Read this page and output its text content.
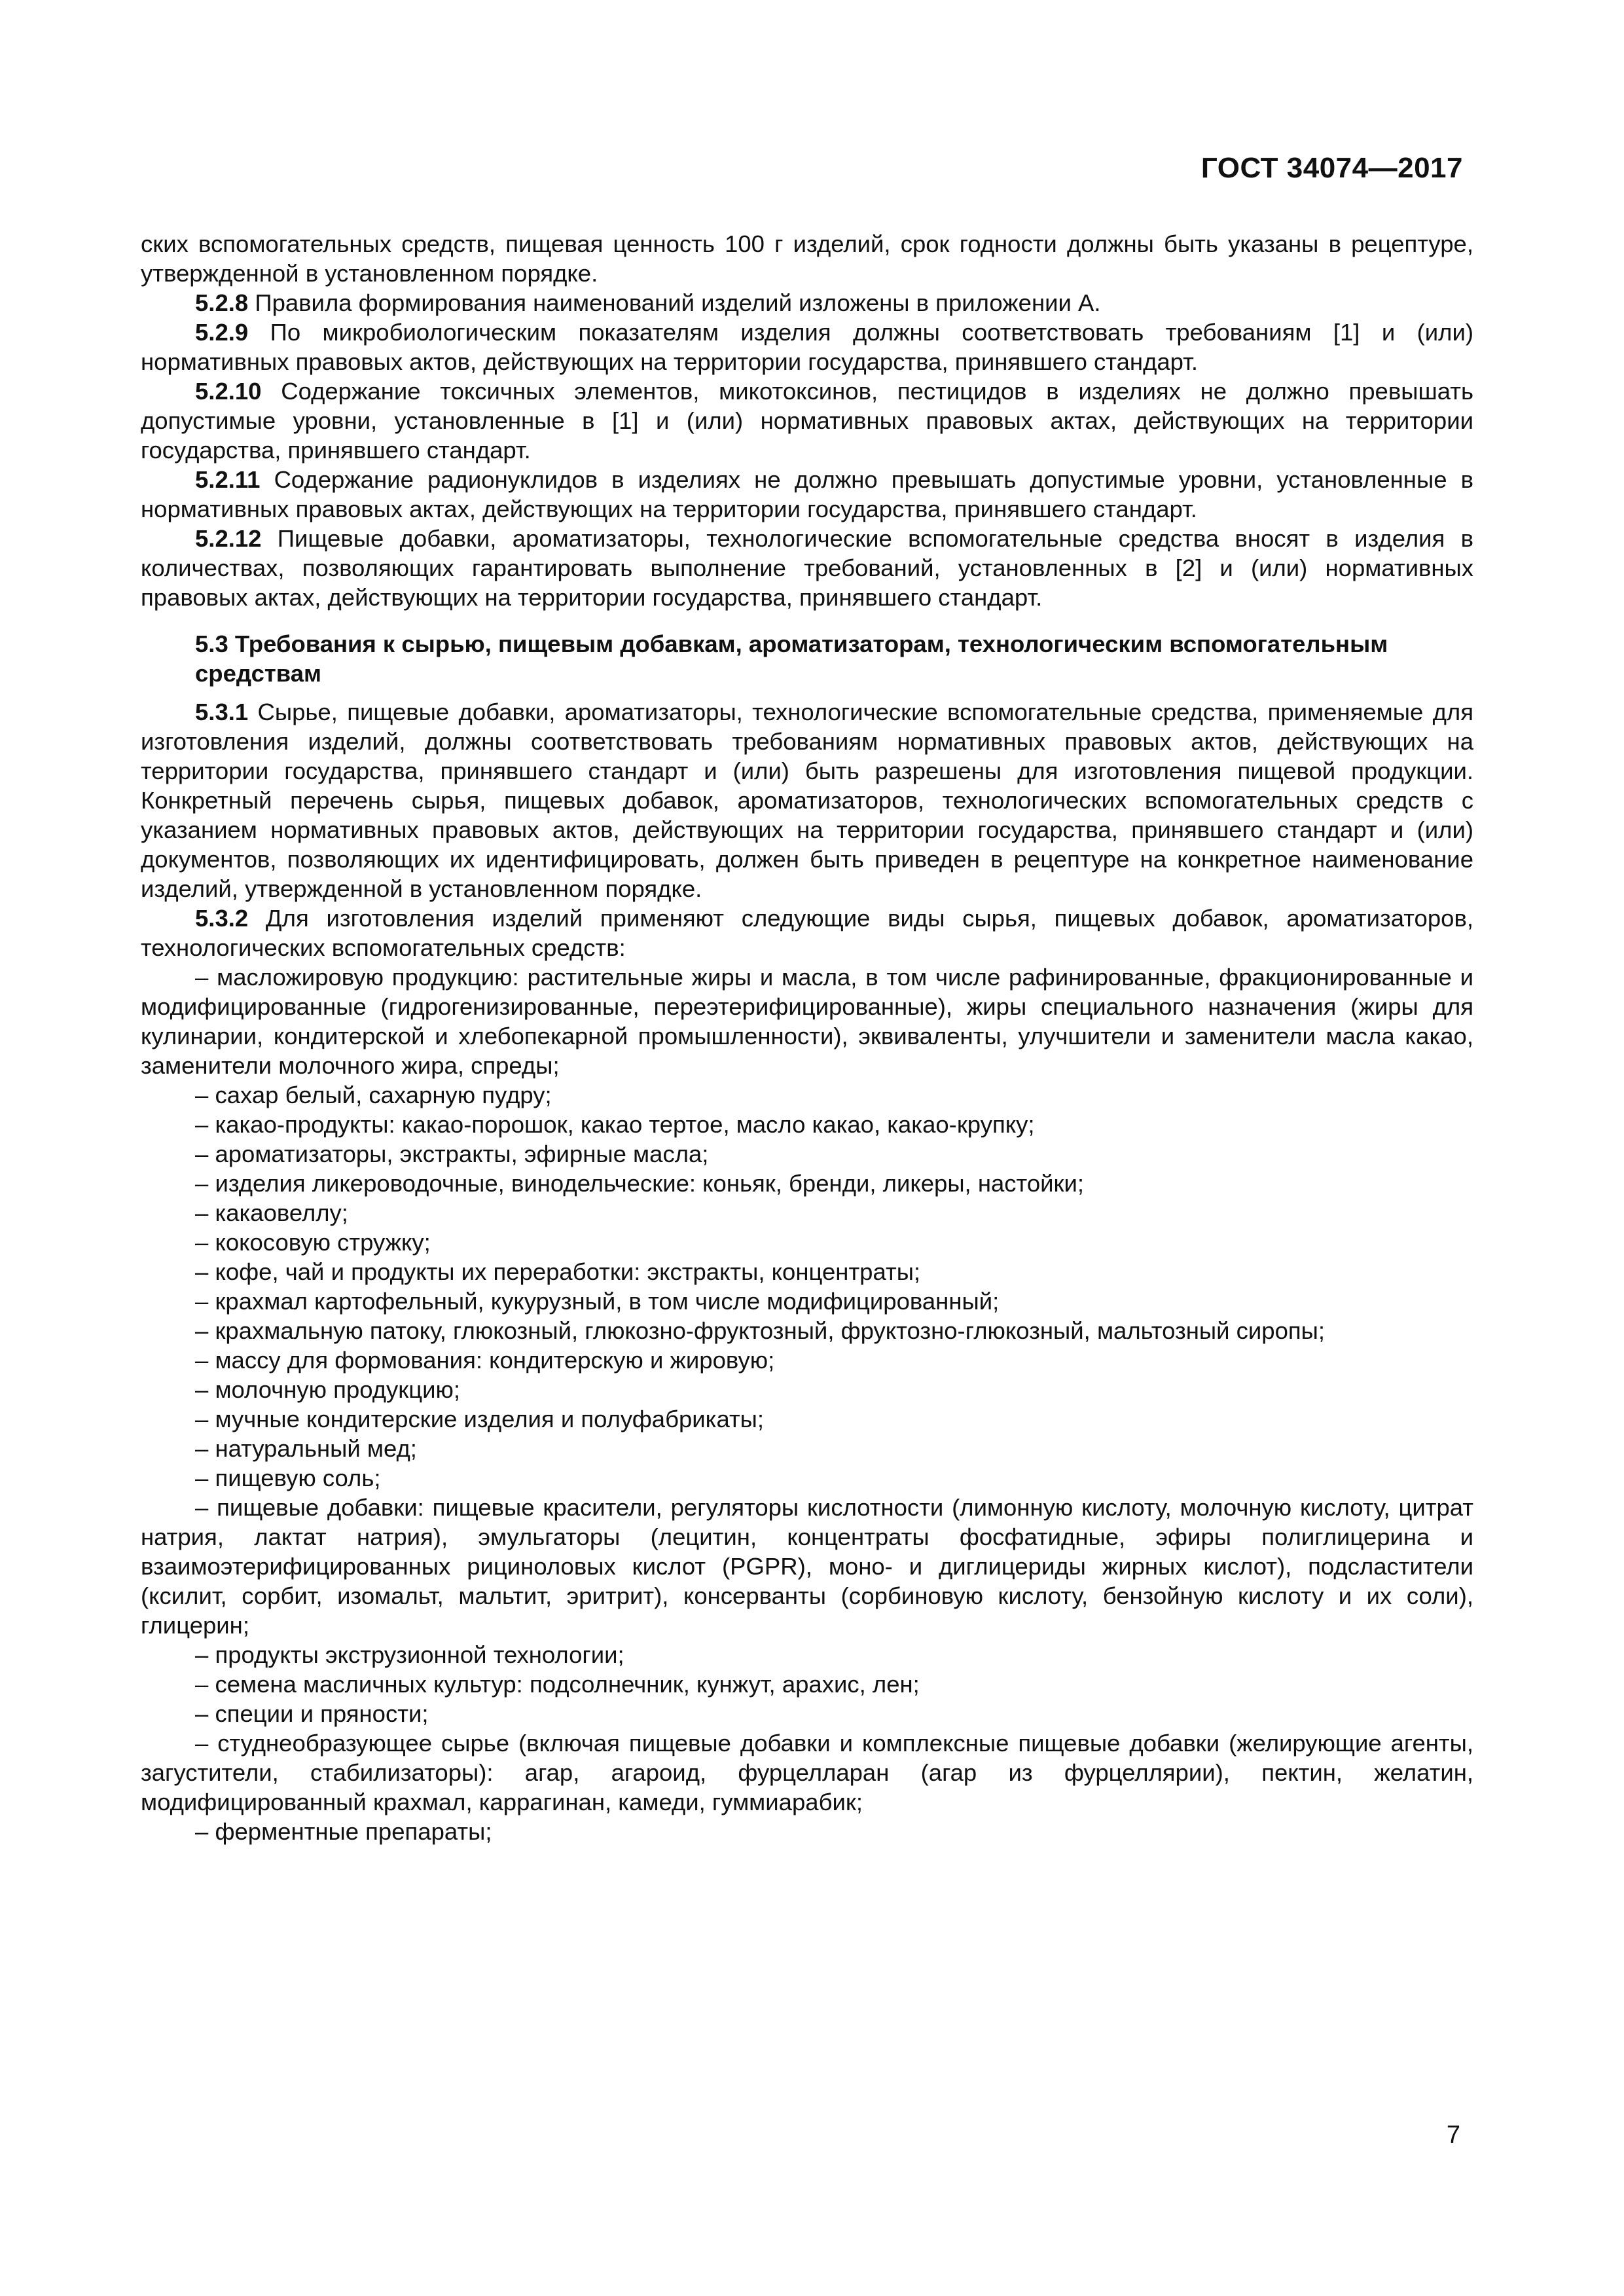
ГОСТ 34074—2017

ских вспомогательных средств, пищевая ценность 100 г изделий, срок годности должны быть указаны в рецептуре, утвержденной в установленном порядке.

5.2.8 Правила формирования наименований изделий изложены в приложении А.

5.2.9 По микробиологическим показателям изделия должны соответствовать требованиям [1] и (или) нормативных правовых актов, действующих на территории государства, принявшего стандарт.

5.2.10 Содержание токсичных элементов, микотоксинов, пестицидов в изделиях не должно превышать допустимые уровни, установленные в [1] и (или) нормативных правовых актах, действующих на территории государства, принявшего стандарт.

5.2.11 Содержание радионуклидов в изделиях не должно превышать допустимые уровни, установленные в нормативных правовых актах, действующих на территории государства, принявшего стандарт.

5.2.12 Пищевые добавки, ароматизаторы, технологические вспомогательные средства вносят в изделия в количествах, позволяющих гарантировать выполнение требований, установленных в [2] и (или) нормативных правовых актах, действующих на территории государства, принявшего стандарт.

5.3 Требования к сырью, пищевым добавкам, ароматизаторам, технологическим вспомогательным средствам

5.3.1 Сырье, пищевые добавки, ароматизаторы, технологические вспомогательные средства, применяемые для изготовления изделий, должны соответствовать требованиям нормативных правовых актов, действующих на территории государства, принявшего стандарт и (или) быть разрешены для изготовления пищевой продукции. Конкретный перечень сырья, пищевых добавок, ароматизаторов, технологических вспомогательных средств с указанием нормативных правовых актов, действующих на территории государства, принявшего стандарт и (или) документов, позволяющих их идентифицировать, должен быть приведен в рецептуре на конкретное наименование изделий, утвержденной в установленном порядке.

5.3.2 Для изготовления изделий применяют следующие виды сырья, пищевых добавок, ароматизаторов, технологических вспомогательных средств:

– масложировую продукцию: растительные жиры и масла, в том числе рафинированные, фракционированные и модифицированные (гидрогенизированные, переэтерифицированные), жиры специального назначения (жиры для кулинарии, кондитерской и хлебопекарной промышленности), эквиваленты, улучшители и заменители масла какао, заменители молочного жира, спреды;

– сахар белый, сахарную пудру;

– какао-продукты: какао-порошок, какао тертое, масло какао, какао-крупку;

– ароматизаторы, экстракты, эфирные масла;

– изделия ликероводочные, винодельческие: коньяк, бренди, ликеры, настойки;

– какаовеллу;

– кокосовую стружку;

– кофе, чай и продукты их переработки: экстракты, концентраты;

– крахмал картофельный, кукурузный, в том числе модифицированный;

– крахмальную патоку, глюкозный, глюкозно-фруктозный, фруктозно-глюкозный, мальтозный сиропы;

– массу для формования: кондитерскую и жировую;

– молочную продукцию;

– мучные кондитерские изделия и полуфабрикаты;

– натуральный мед;

– пищевую соль;

– пищевые добавки: пищевые красители, регуляторы кислотности (лимонную кислоту, молочную кислоту, цитрат натрия, лактат натрия), эмульгаторы (лецитин, концентраты фосфатидные, эфиры полиглицерина и взаимоэтерифицированных рициноловых кислот (PGPR), моно- и диглицериды жирных кислот), подсластители (ксилит, сорбит, изомальт, мальтит, эритрит), консерванты (сорбиновую кислоту, бензойную кислоту и их соли), глицерин;

– продукты экструзионной технологии;

– семена масличных культур: подсолнечник, кунжут, арахис, лен;

– специи и пряности;

– студнеобразующее сырье (включая пищевые добавки и комплексные пищевые добавки (желирующие агенты, загустители, стабилизаторы): агар, агароид, фурцелларан (агар из фурцеллярии), пектин, желатин, модифицированный крахмал, каррагинан, камеди, гуммиарабик;

– ферментные препараты;

7
